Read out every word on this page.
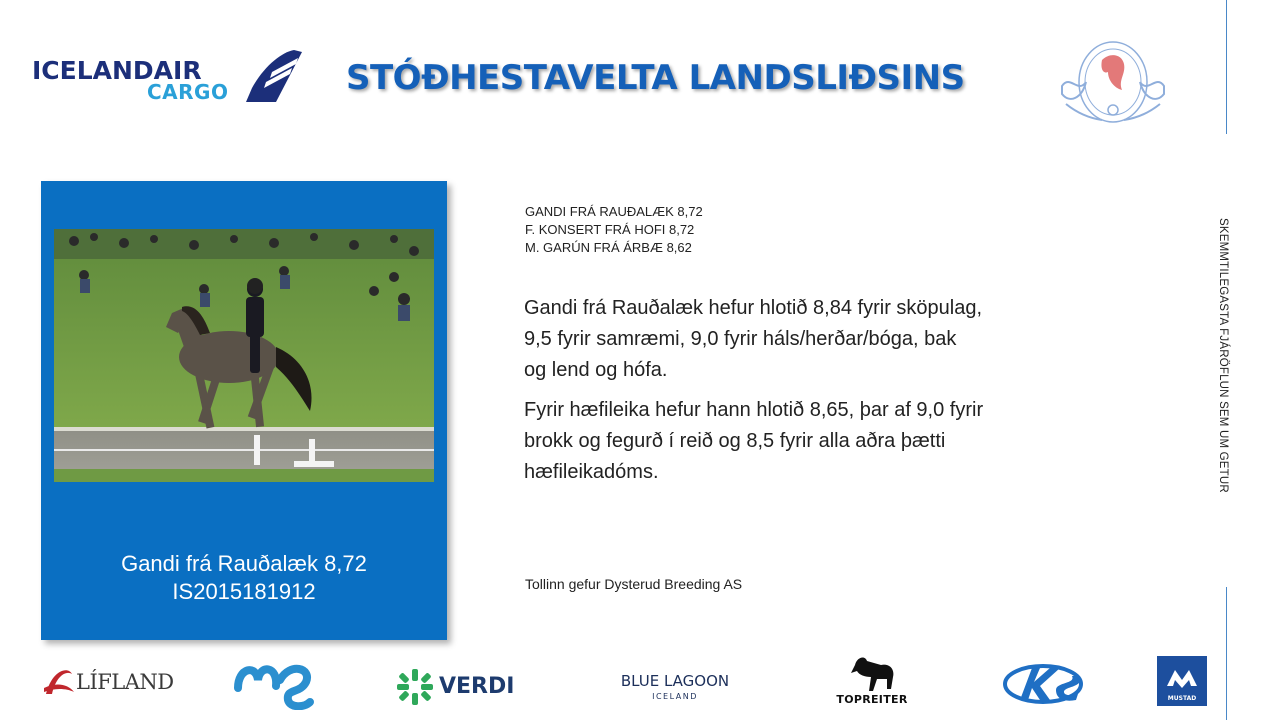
ICELANDAIR
CARGO	STÓÐHESTAVELTA LANDSLIÐSINS
SKEMMTILEGASTA FJÁRÖFLUN SEM UM GETUR
Gandi frá Rauðalæk 8,72
IS2015181912
GANDI FRÁ RAUÐALÆK 8,72
F. KONSERT FRÁ HOFI 8,72
M. GARÚN FRÁ ÁRBÆ 8,62

Gandi frá Rauðalæk hefur hlotið 8,84 fyrir sköpulag, 9,5 fyrir samræmi, 9,0 fyrir háls/herðar/bóga, bak og lend og hófa.

Fyrir hæfileika hefur hann hlotið 8,65, þar af 9,0 fyrir brokk og fegurð í reið og 8,5 fyrir alla aðra þætti hæfileikadóms.

Tollinn gefur Dysterud Breeding AS
LÍFLAND	VERDI	BLUE LAGOON
ICELAND	TOPREITER	MUSTAD
